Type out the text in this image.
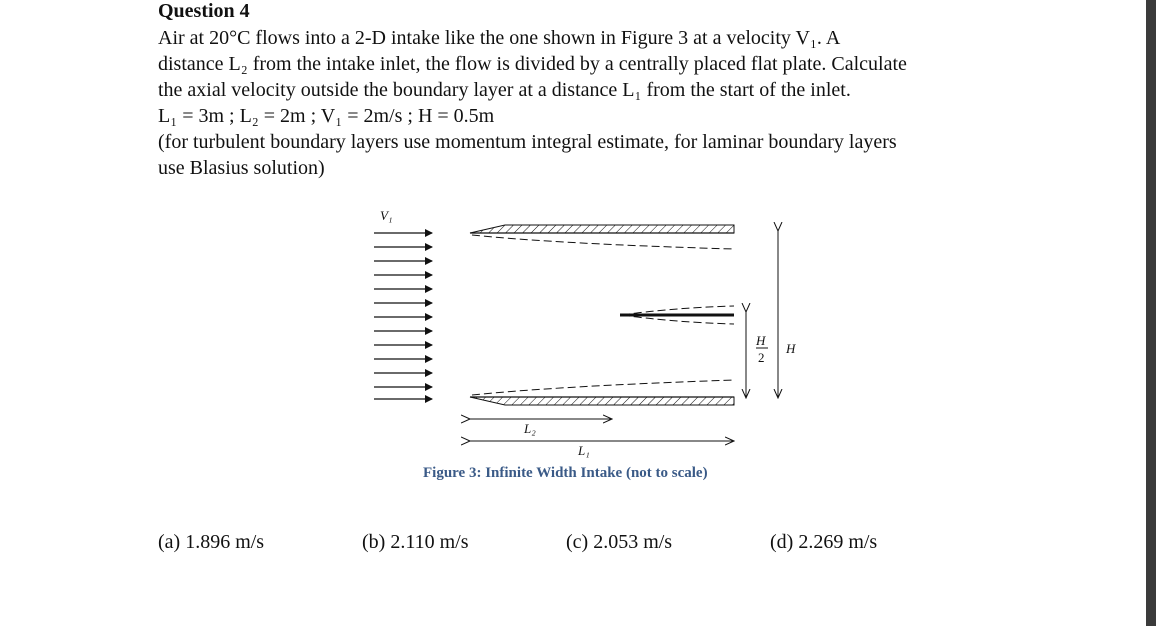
Question 4
Air at 20°C flows into a 2-D intake like the one shown in Figure 3 at a velocity V₁. A
distance L₂ from the intake inlet, the flow is divided by a centrally placed flat plate. Calculate
the axial velocity outside the boundary layer at a distance L₁ from the start of the inlet.
L₁ = 3m ; L₂ = 2m ; V₁ = 2m/s ; H = 0.5m
(for turbulent boundary layers use momentum integral estimate, for laminar boundary layers
use Blasius solution)
V₁
L₂
L₁
H
2
H
Figure 3: Infinite Width Intake (not to scale)
(a) 1.896 m/s	(b) 2.110 m/s	(c) 2.053 m/s	(d) 2.269 m/s
